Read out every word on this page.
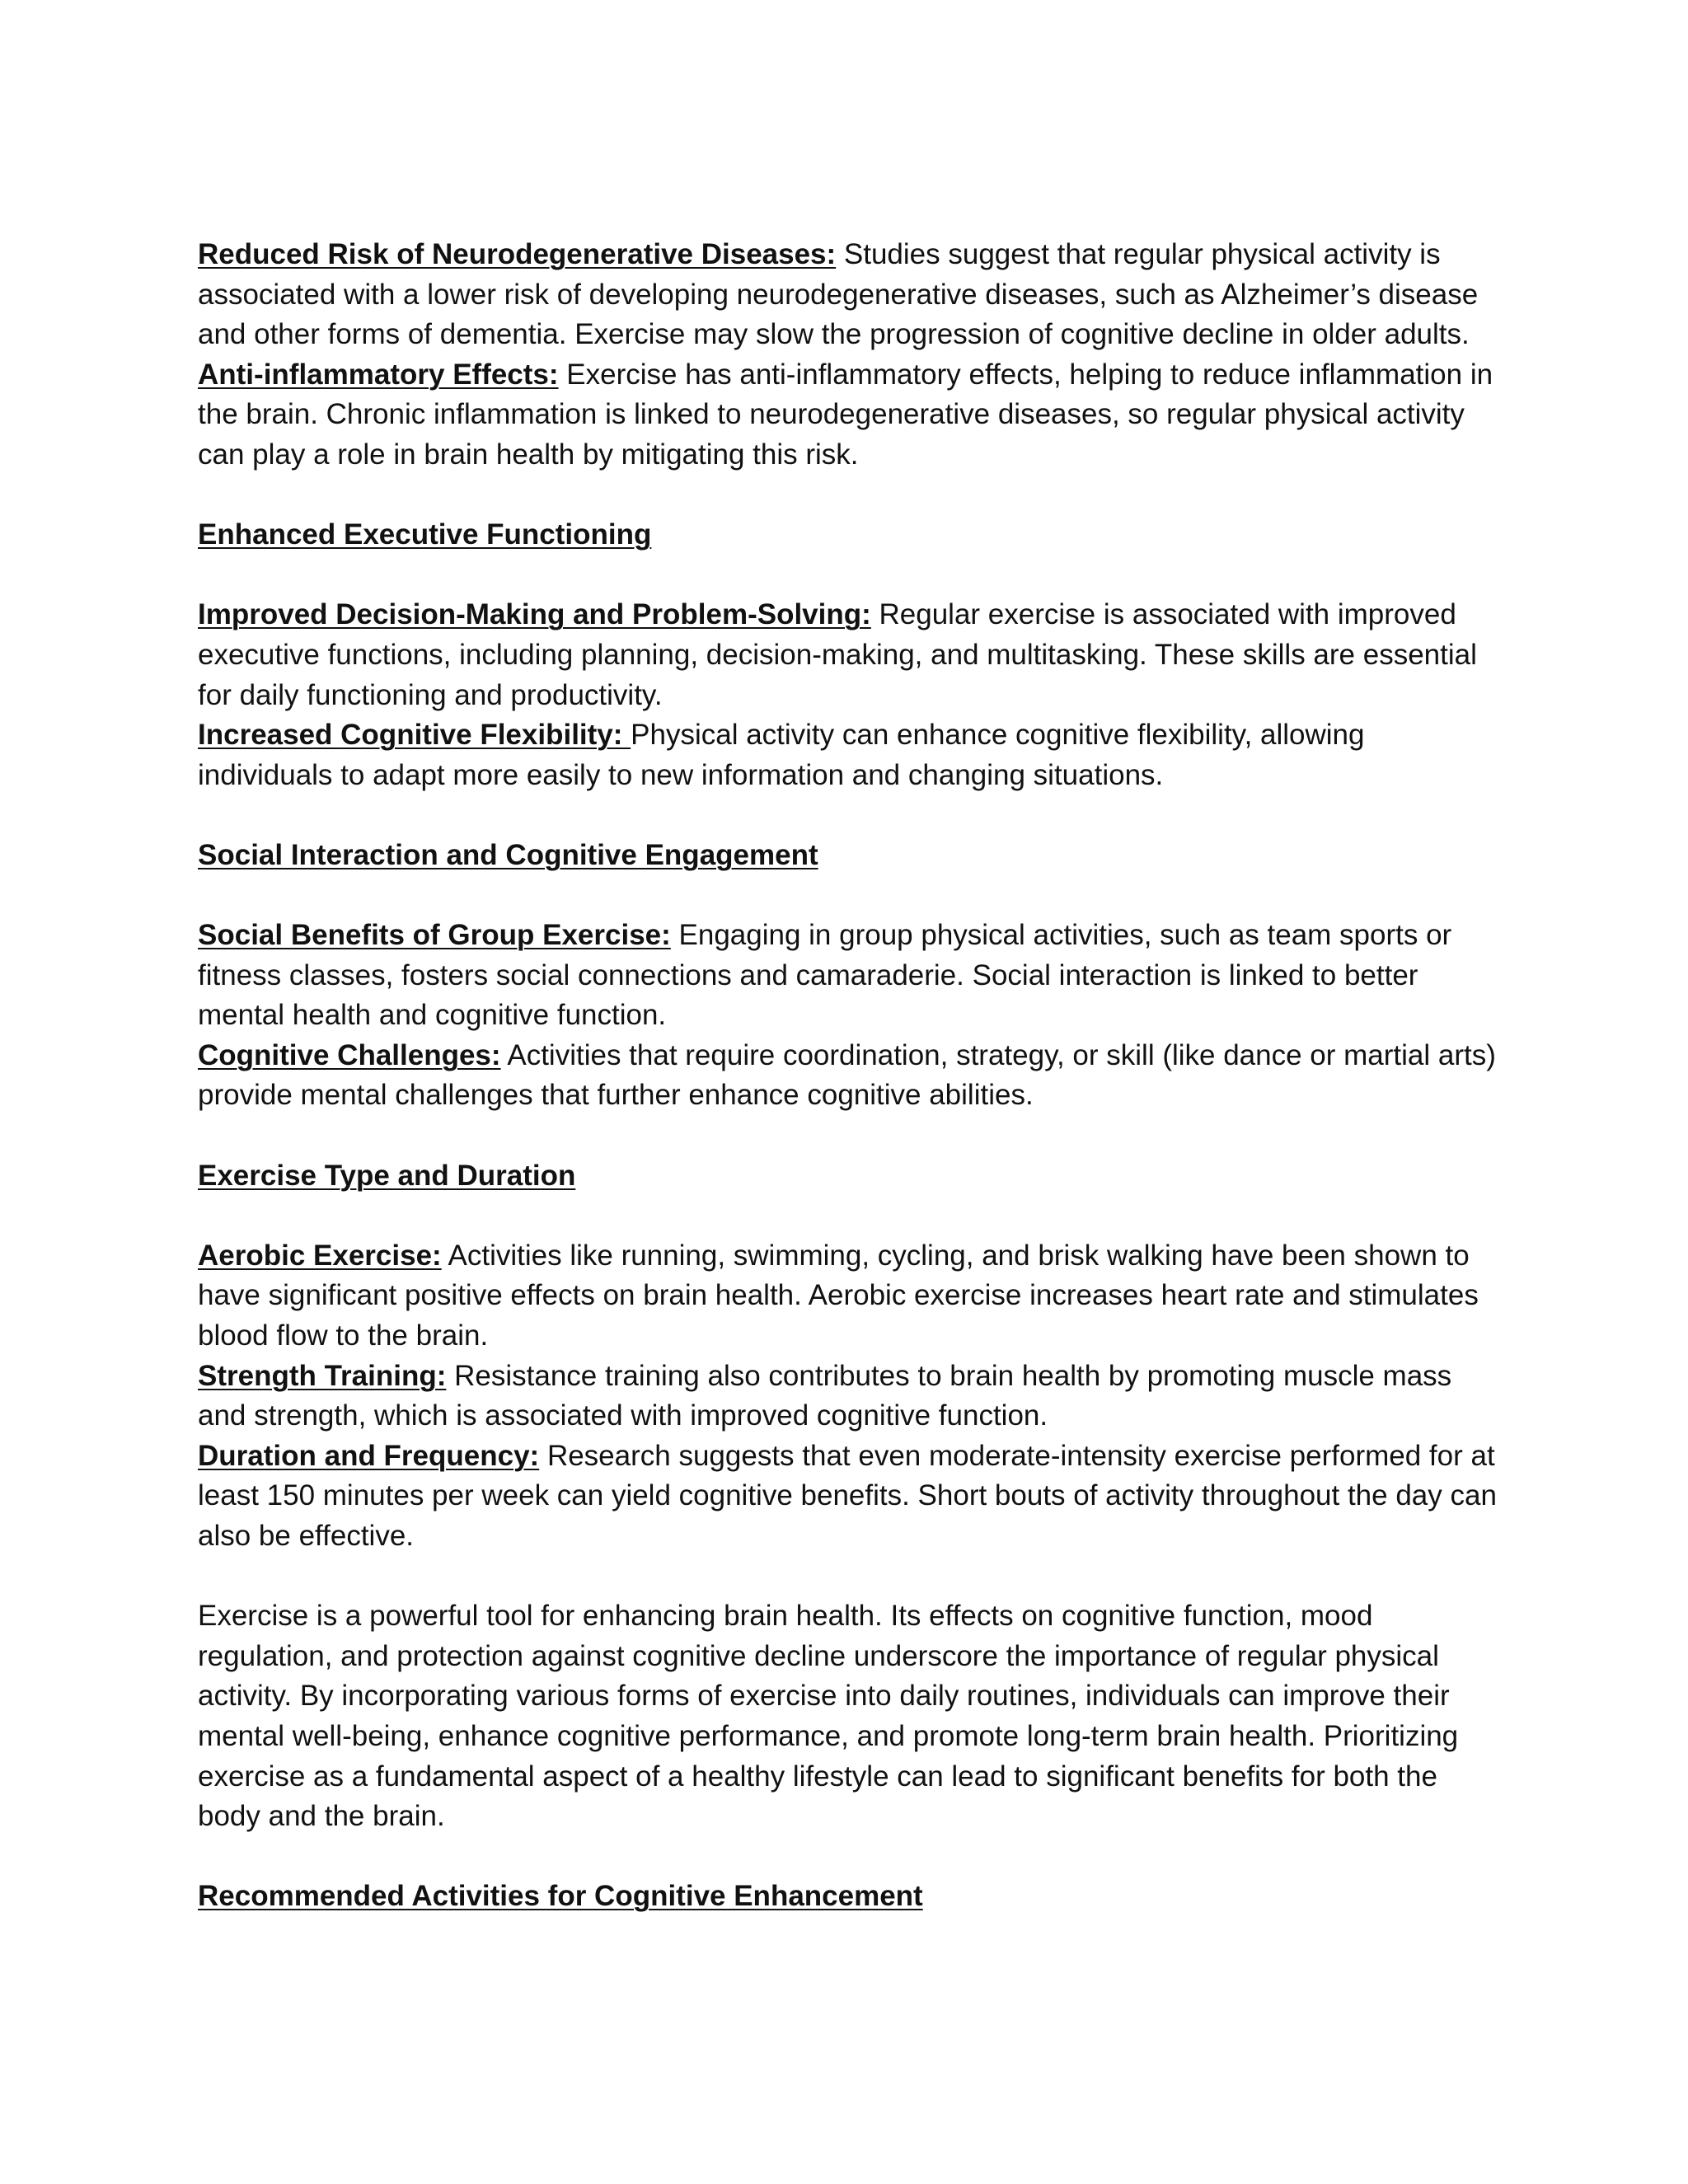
Reduced Risk of Neurodegenerative Diseases: Studies suggest that regular physical activity is associated with a lower risk of developing neurodegenerative diseases, such as Alzheimer’s disease and other forms of dementia. Exercise may slow the progression of cognitive decline in older adults.

Anti-inflammatory Effects: Exercise has anti-inflammatory effects, helping to reduce inflammation in the brain. Chronic inflammation is linked to neurodegenerative diseases, so regular physical activity can play a role in brain health by mitigating this risk.

Enhanced Executive Functioning

Improved Decision-Making and Problem-Solving: Regular exercise is associated with improved executive functions, including planning, decision-making, and multitasking. These skills are essential for daily functioning and productivity.

Increased Cognitive Flexibility: Physical activity can enhance cognitive flexibility, allowing individuals to adapt more easily to new information and changing situations.

Social Interaction and Cognitive Engagement

Social Benefits of Group Exercise: Engaging in group physical activities, such as team sports or fitness classes, fosters social connections and camaraderie. Social interaction is linked to better mental health and cognitive function.

Cognitive Challenges: Activities that require coordination, strategy, or skill (like dance or martial arts) provide mental challenges that further enhance cognitive abilities.

Exercise Type and Duration

Aerobic Exercise: Activities like running, swimming, cycling, and brisk walking have been shown to have significant positive effects on brain health. Aerobic exercise increases heart rate and stimulates blood flow to the brain.

Strength Training: Resistance training also contributes to brain health by promoting muscle mass and strength, which is associated with improved cognitive function.

Duration and Frequency: Research suggests that even moderate-intensity exercise performed for at least 150 minutes per week can yield cognitive benefits. Short bouts of activity throughout the day can also be effective.

Exercise is a powerful tool for enhancing brain health. Its effects on cognitive function, mood regulation, and protection against cognitive decline underscore the importance of regular physical activity. By incorporating various forms of exercise into daily routines, individuals can improve their mental well-being, enhance cognitive performance, and promote long-term brain health. Prioritizing exercise as a fundamental aspect of a healthy lifestyle can lead to significant benefits for both the body and the brain.

Recommended Activities for Cognitive Enhancement
